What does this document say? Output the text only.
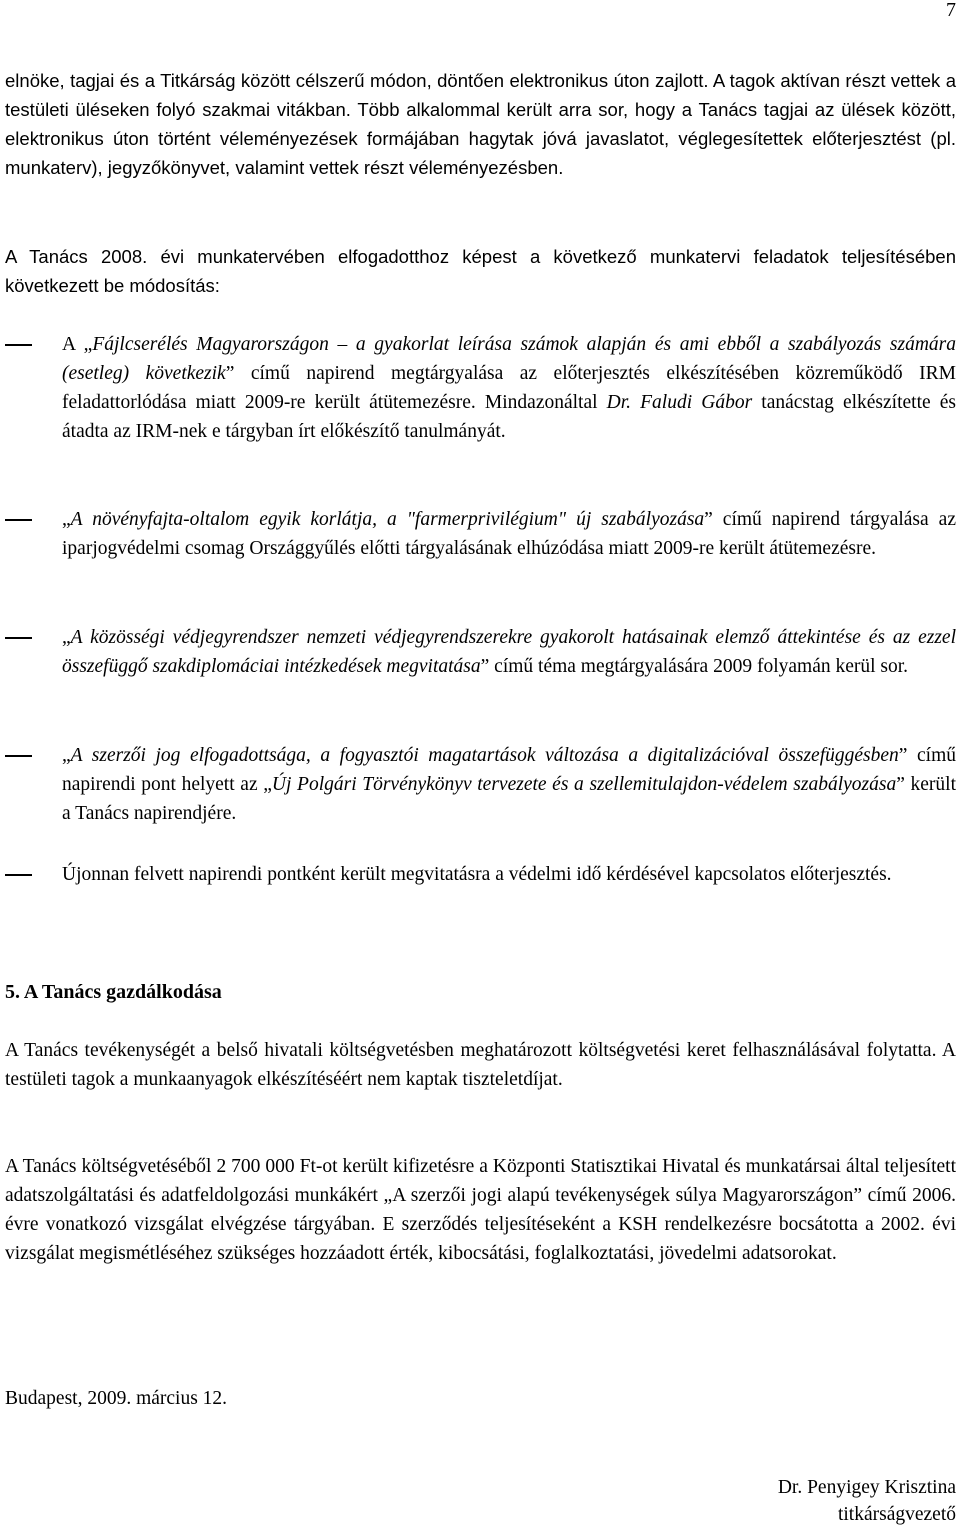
7
elnöke, tagjai és a Titkárság között célszerű módon, döntően elektronikus úton zajlott. A tagok aktívan részt vettek a testületi üléseken folyó szakmai vitákban. Több alkalommal került arra sor, hogy a Tanács tagjai az ülések között, elektronikus úton történt véleményezések formájában hagytak jóvá javaslatot, véglegesítettek előterjesztést (pl. munkaterv), jegyzőkönyvet, valamint vettek részt véleményezésben.
A Tanács 2008. évi munkatervében elfogadotthoz képest a következő munkatervi feladatok teljesítésében következett be módosítás:
A „Fájlcserélés Magyarországon – a gyakorlat leírása számok alapján és ami ebből a szabályozás számára (esetleg) következik” című napirend megtárgyalása az előterjesztés elkészítésében közreműködő IRM feladattorlódása miatt 2009-re került átütemezésre. Mindazonáltal Dr. Faludi Gábor tanácstag elkészítette és átadta az IRM-nek e tárgyban írt előkészítő tanulmányát.
„A növényfajta-oltalom egyik korlátja, a "farmerprivilégium" új szabályozása” című napirend tárgyalása az iparjogvédelmi csomag Országgyűlés előtti tárgyalásának elhúzódása miatt 2009-re került átütemezésre.
„A közösségi védjegyrendszer nemzeti védjegyrendszerekre gyakorolt hatásainak elemző áttekintése és az ezzel összefüggő szakdiplomáciai intézkedések megvitatása” című téma megtárgyalására 2009 folyamán kerül sor.
„A szerzői jog elfogadottsága, a fogyasztói magatartások változása a digitalizációval összefüggésben” című napirendi pont helyett az „Új Polgári Törvénykönyv tervezete és a szellemitulajdon-védelem szabályozása” került a Tanács napirendjére.
Újonnan felvett napirendi pontként került megvitatásra a védelmi idő kérdésével kapcsolatos előterjesztés.
5. A Tanács gazdálkodása
A Tanács tevékenységét a belső hivatali költségvetésben meghatározott költségvetési keret felhasználásával folytatta. A testületi tagok a munkaanyagok elkészítéséért nem kaptak tiszteletdíjat.
A Tanács költségvetéséből 2 700 000 Ft-ot került kifizetésre a Központi Statisztikai Hivatal és munkatársai által teljesített adatszolgáltatási és adatfeldolgozási munkákért „A szerzői jogi alapú tevékenységek súlya Magyarországon” című 2006. évre vonatkozó vizsgálat elvégzése tárgyában. E szerződés teljesítéseként a KSH rendelkezésre bocsátotta a 2002. évi vizsgálat megismétléséhez szükséges hozzáadott érték, kibocsátási, foglalkoztatási, jövedelmi adatsorokat.
Budapest, 2009. március 12.
Dr. Penyigey Krisztina
titkárságvezető
